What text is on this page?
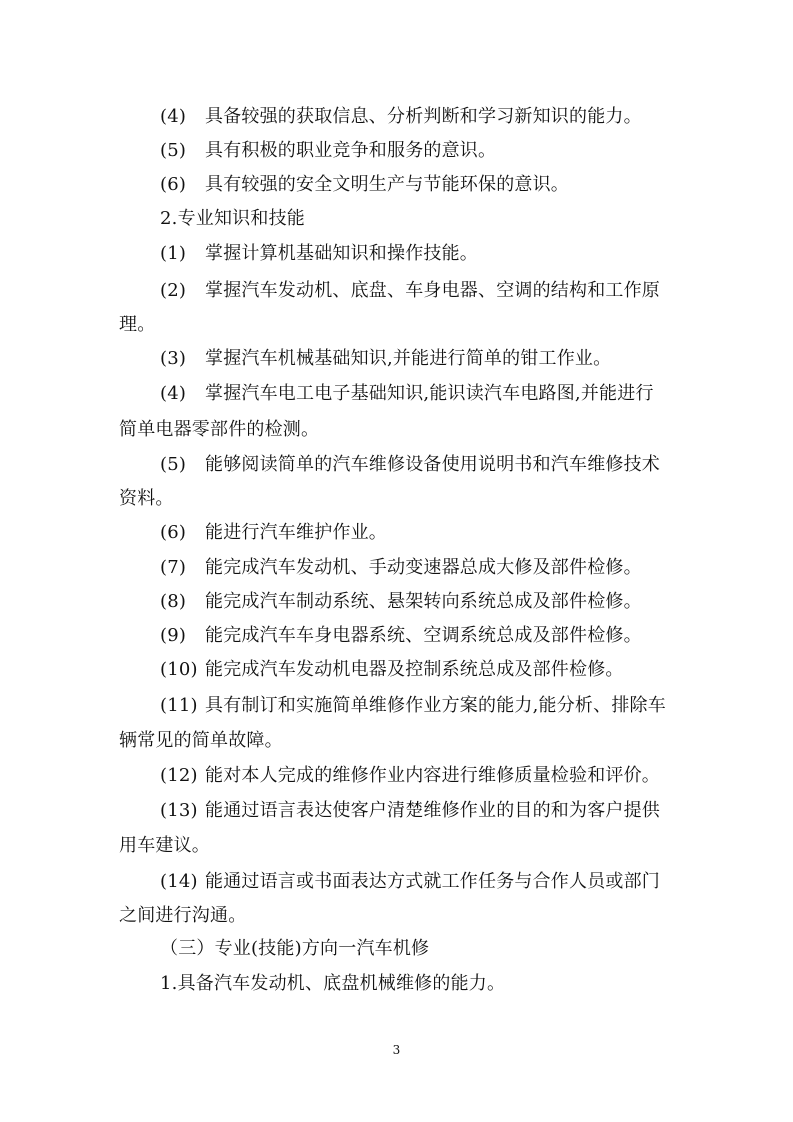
(4) 具备较强的获取信息、分析判断和学习新知识的能力。
(5) 具有积极的职业竞争和服务的意识。
(6) 具有较强的安全文明生产与节能环保的意识。
2.专业知识和技能
(1) 掌握计算机基础知识和操作技能。
(2) 掌握汽车发动机、底盘、车身电器、空调的结构和工作原
理。
(3) 掌握汽车机械基础知识,并能进行简单的钳工作业。
(4) 掌握汽车电工电子基础知识,能识读汽车电路图,并能进行
简单电器零部件的检测。
(5) 能够阅读简单的汽车维修设备使用说明书和汽车维修技术
资料。
(6) 能进行汽车维护作业。
(7) 能完成汽车发动机、手动变速器总成大修及部件检修。
(8) 能完成汽车制动系统、悬架转向系统总成及部件检修。
(9) 能完成汽车车身电器系统、空调系统总成及部件检修。
(10) 能完成汽车发动机电器及控制系统总成及部件检修。
(11) 具有制订和实施简单维修作业方案的能力,能分析、排除车
辆常见的简单故障。
(12) 能对本人完成的维修作业内容进行维修质量检验和评价。
(13) 能通过语言表达使客户清楚维修作业的目的和为客户提供
用车建议。
(14) 能通过语言或书面表达方式就工作任务与合作人员或部门
之间进行沟通。
（三）专业(技能)方向一汽车机修
1.具备汽车发动机、底盘机械维修的能力。
3
